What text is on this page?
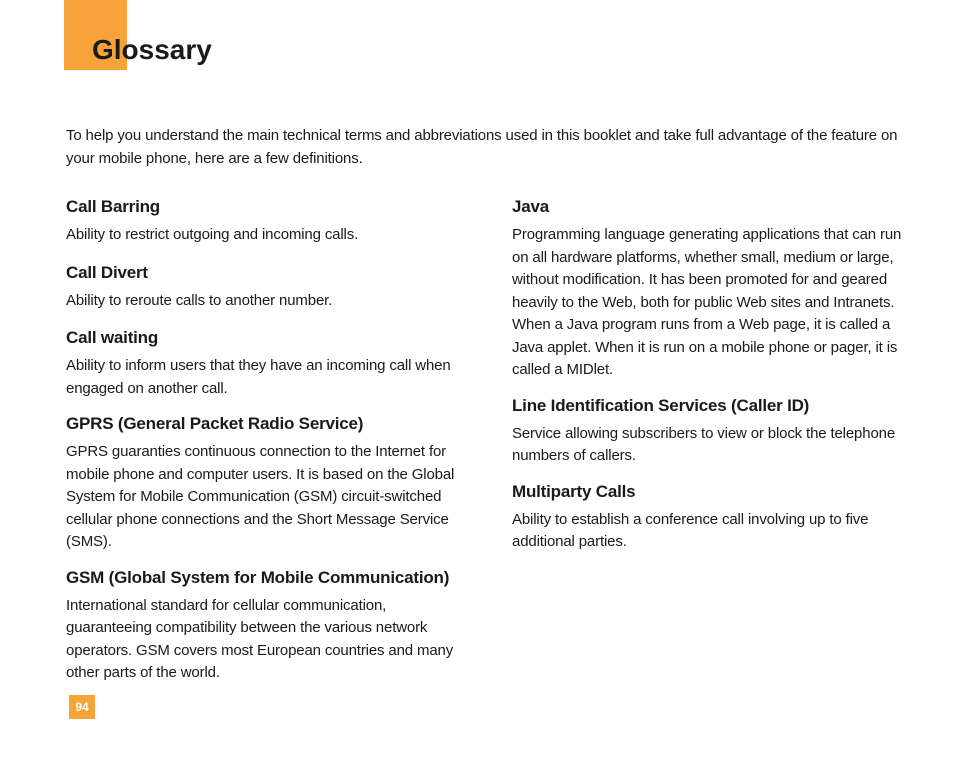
Glossary

To help you understand the main technical terms and abbreviations used in this booklet and take full advantage of the feature on your mobile phone, here are a few definitions.

Call Barring

Ability to restrict outgoing and incoming calls.

Call Divert

Ability to reroute calls to another number.

Call waiting

Ability to inform users that they have an incoming call when engaged on another call.

GPRS (General Packet Radio Service)

GPRS guaranties continuous connection to the Internet for mobile phone and computer users. It is based on the Global System for Mobile Communication (GSM) circuit-switched cellular phone connections and the Short Message Service (SMS).

GSM (Global System for Mobile Communication)

International standard for cellular communication, guaranteeing compatibility between the various network operators. GSM covers most European countries and many other parts of the world.

Java

Programming language generating applications that can run on all hardware platforms, whether small, medium or large, without modification. It has been promoted for and geared heavily to the Web, both for public Web sites and Intranets. When a Java program runs from a Web page, it is called a Java applet. When it is run on a mobile phone or pager, it is called a MIDlet.

Line Identification Services (Caller ID)

Service allowing subscribers to view or block the telephone numbers of callers.

Multiparty Calls

Ability to establish a conference call involving up to five additional parties.

94
